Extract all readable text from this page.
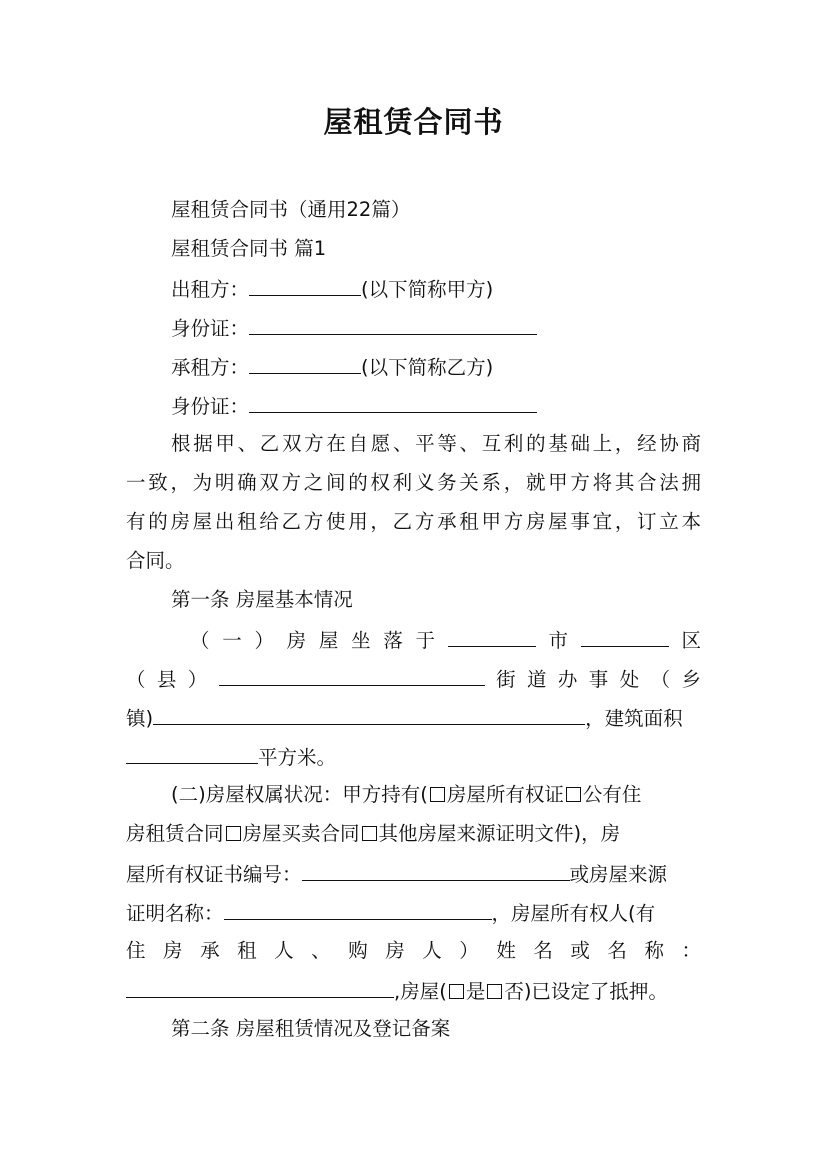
屋租赁合同书
屋租赁合同书（通用22篇）
屋租赁合同书 篇1
出租方：	(以下简称甲方)
身份证：
承租方：	(以下简称乙方)
身份证：
根据甲、乙双方在自愿、平等、互利的基础上，经协商
一致，为明确双方之间的权利义务关系，就甲方将其合法拥
有的房屋出租给乙方使用，乙方承租甲方房屋事宜，订立本
合同。
第一条 房屋基本情况
（一）房屋坐落于	市	区
（县）	街道办事处（乡
镇)	，建筑面积
平方米。
(二)房屋权属状况：甲方持有( 房屋所有权证 公有住
房租赁合同 房屋买卖合同 其他房屋来源证明文件)，房
屋所有权证书编号：	或房屋来源
证明名称：	，房屋所有权人(有
住房承租人、购房人）姓名或名称：
,房屋( 是 否)已设定了抵押。
第二条 房屋租赁情况及登记备案
